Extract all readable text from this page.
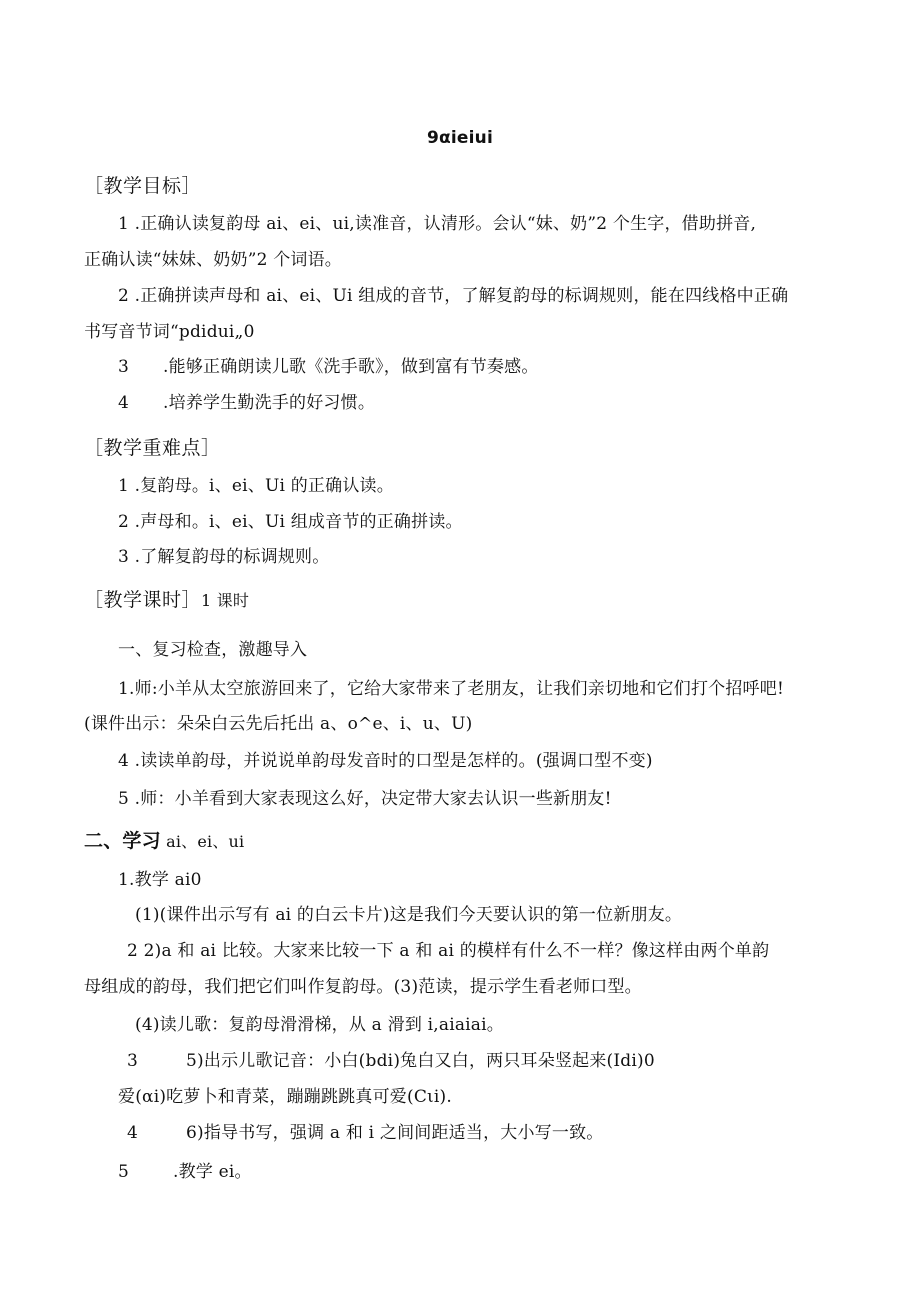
9αieiui
［教学目标］
1 .正确认读复韵母 ai、ei、ui,读准音，认清形。会认“妹、奶”2 个生字，借助拼音,
正确认读“妹妹、奶奶”2 个词语。
2 .正确拼读声母和 ai、ei、Ui 组成的音节，了解复韵母的标调规则，能在四线格中正确
书写音节词“pdidui„0
3 .能够正确朗读儿歌《洗手歌》，做到富有节奏感。
4 .培养学生勤洗手的好习惯。
［教学重难点］
1 .复韵母。i、ei、Ui 的正确认读。
2 .声母和。i、ei、Ui 组成音节的正确拼读。
3 .了解复韵母的标调规则。
［教学课时］1 课时
一、复习检查，激趣导入
1.师:小羊从太空旅游回来了，它给大家带来了老朋友，让我们亲切地和它们打个招呼吧!
(课件出示：朵朵白云先后托出 a、o^e、i、u、U)
4 .读读单韵母，并说说单韵母发音时的口型是怎样的。(强调口型不变)
5 .师：小羊看到大家表现这么好，决定带大家去认识一些新朋友!
二、学习 ai、ei、ui
1.教学 ai0
(1)(课件出示写有 ai 的白云卡片)这是我们今天要认识的第一位新朋友。
2 2)a 和 ai 比较。大家来比较一下 a 和 ai 的模样有什么不一样？像这样由两个单韵
母组成的韵母，我们把它们叫作复韵母。(3)范读，提示学生看老师口型。
(4)读儿歌：复韵母滑滑梯，从 a 滑到 i,aiaiai。
3	5)出示儿歌记音：小白(bdi)兔白又白，两只耳朵竖起来(Idi)0
爱(αi)吃萝卜和青菜，蹦蹦跳跳真可爱(Cιi).
4	6)指导书写，强调 a 和 i 之间间距适当，大小写一致。
5	.教学 ei。
